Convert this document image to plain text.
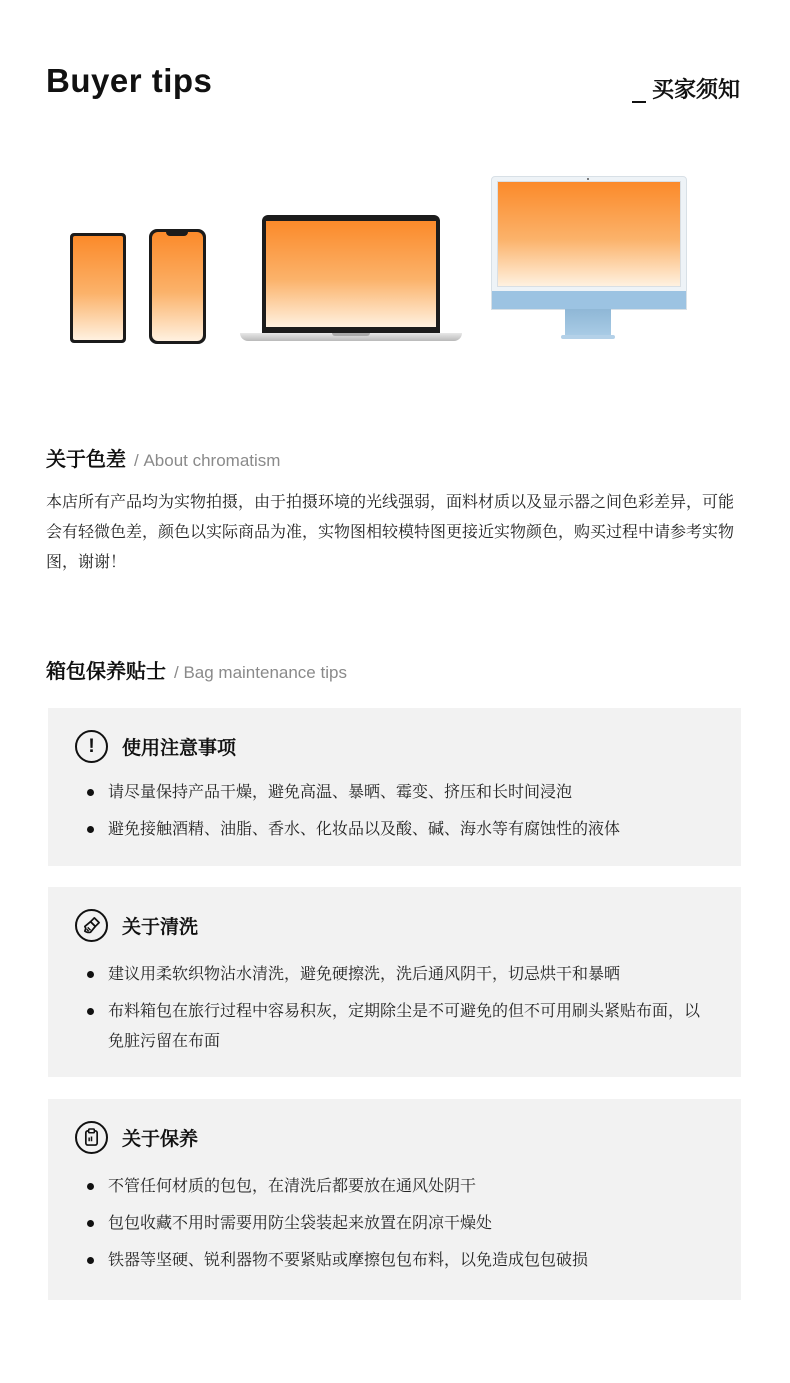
Buyer tips	买家须知
关于色差 / About chromatism

本店所有产品均为实物拍摄，由于拍摄环境的光线强弱，面料材质以及显示器之间色彩差异，可能会有轻微色差，颜色以实际商品为准，实物图相较模特图更接近实物颜色，购买过程中请参考实物图，谢谢！

箱包保养贴士 / Bag maintenance tips
!	使用注意事项
请尽量保持产品干燥，避免高温、暴晒、霉变、挤压和长时间浸泡
避免接触酒精、油脂、香水、化妆品以及酸、碱、海水等有腐蚀性的液体
关于清洗
建议用柔软织物沾水清洗，避免硬擦洗，洗后通风阴干，切忌烘干和暴晒
布料箱包在旅行过程中容易积灰，定期除尘是不可避免的但不可用刷头紧贴布面，以免脏污留在布面
关于保养
不管任何材质的包包，在清洗后都要放在通风处阴干
包包收藏不用时需要用防尘袋装起来放置在阴凉干燥处
铁器等坚硬、锐利器物不要紧贴或摩擦包包布料，以免造成包包破损
